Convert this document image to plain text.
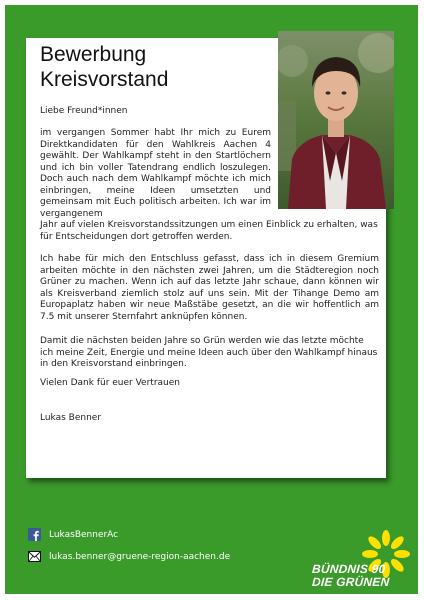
Bewerbung
Kreisvorstand
Liebe Freund*innen
im vergangen Sommer habt Ihr mich zu Eurem Direktkandidaten für den Wahlkreis Aachen 4 gewählt. Der Wahlkampf steht in den Startlöchern und ich bin voller Tatendrang endlich loszulegen. Doch auch nach dem Wahlkampf möchte ich mich einbringen, meine Ideen umsetzten und gemeinsam mit Euch politisch arbeiten. Ich war im vergangenem
Jahr auf vielen Kreisvorstandssitzungen um einen Einblick zu erhalten, was für Entscheidungen dort getroffen werden.
Ich habe für mich den Entschluss gefasst, dass ich in diesem Gremium arbeiten möchte in den nächsten zwei Jahren, um die Städteregion noch Grüner zu machen. Wenn ich auf das letzte Jahr schaue, dann können wir als Kreisverband ziemlich stolz auf uns sein. Mit der Tihange Demo am Europaplatz haben wir neue Maßstäbe gesetzt, an die wir hoffentlich am 7.5 mit unserer Sternfahrt anknüpfen können.
Damit die nächsten beiden Jahre so Grün werden wie das letzte möchte ich meine Zeit, Energie und meine Ideen auch über den Wahlkampf hinaus in den Kreisvorstand einbringen.
Vielen Dank für euer Vertrauen
Lukas Benner
LukasBennerAc
lukas.benner@gruene-region-aachen.de
BÜNDNIS 90
DIE GRÜNEN
